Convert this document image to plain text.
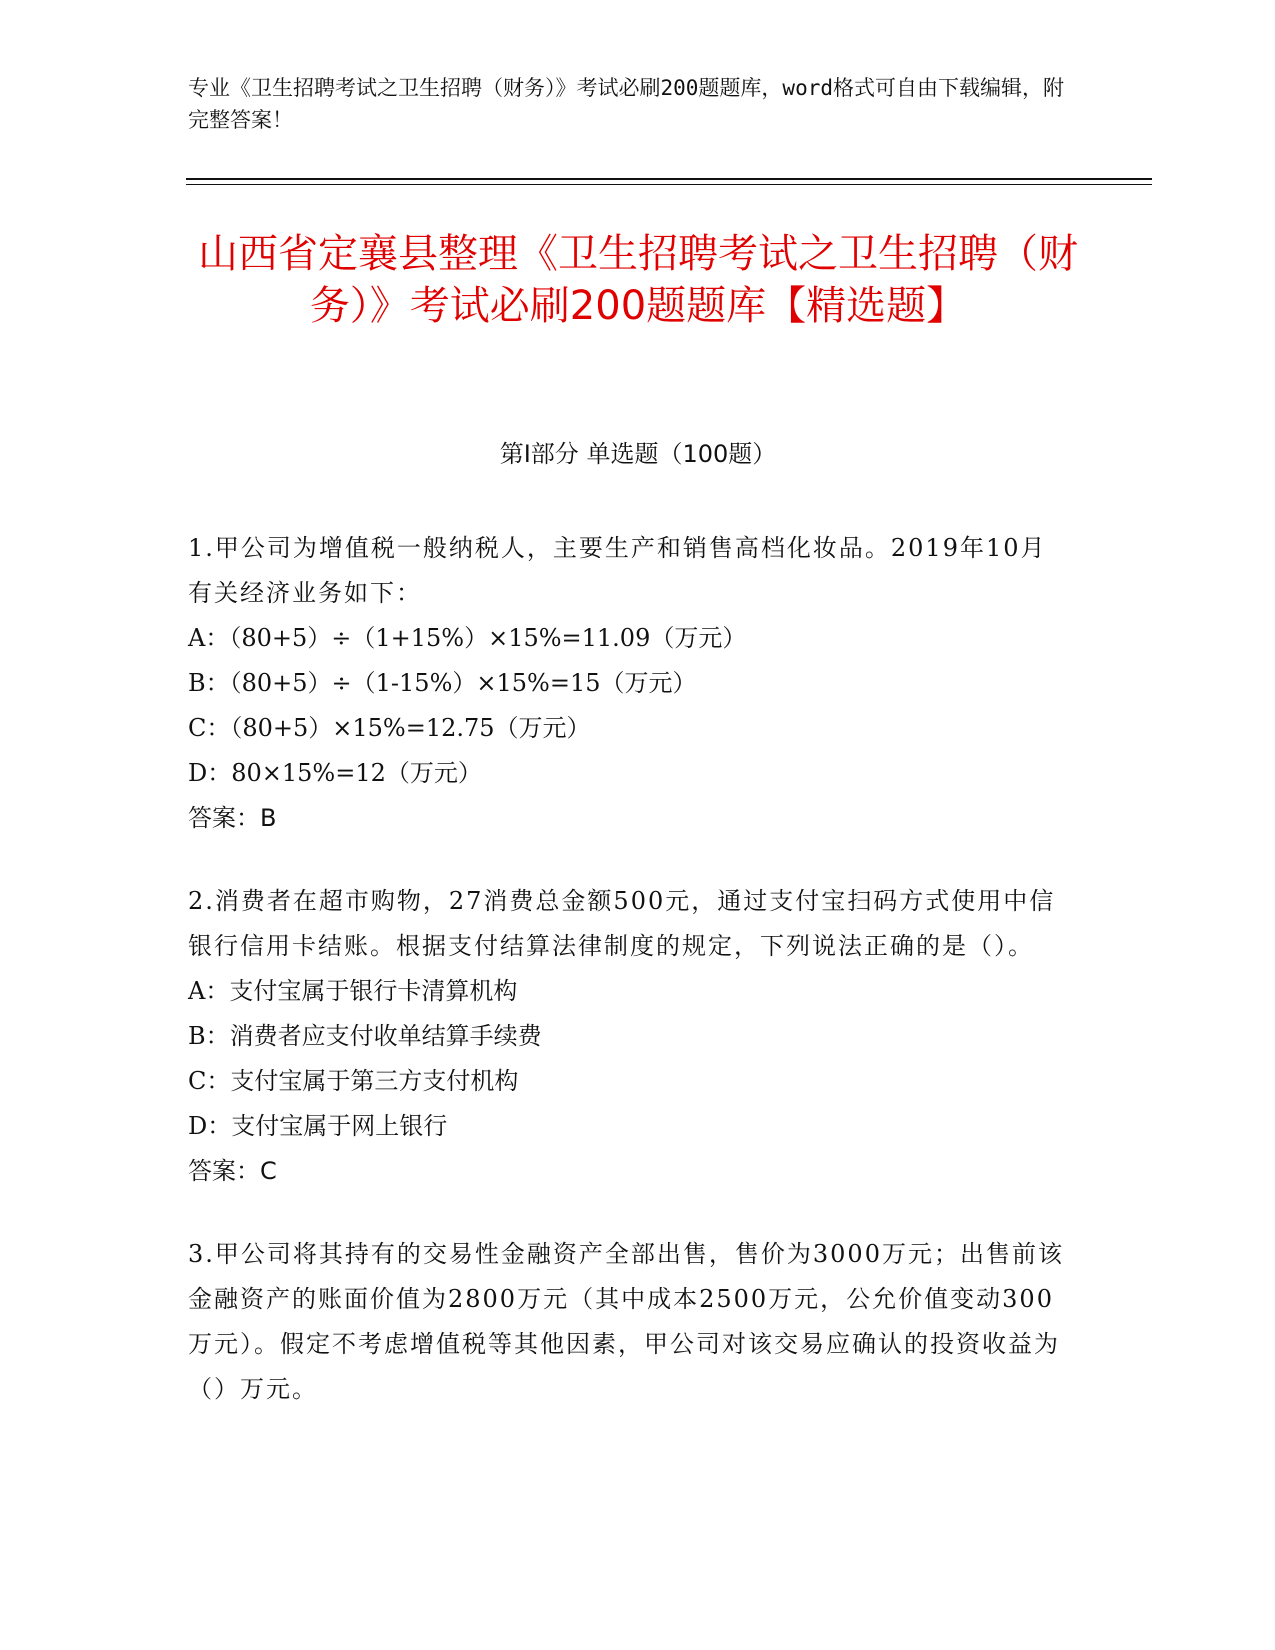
专业《卫生招聘考试之卫生招聘（财务）》考试必刷200题题库，word格式可自由下载编辑，附完整答案！
山西省定襄县整理《卫生招聘考试之卫生招聘（财务）》考试必刷200题题库【精选题】
第Ⅰ部分 单选题（100题）
1.甲公司为增值税一般纳税人，主要生产和销售高档化妆品。2019年10月有关经济业务如下：
A：（80+5）÷（1+15%）×15%=11.09（万元）
B：（80+5）÷（1-15%）×15%=15（万元）
C：（80+5）×15%=12.75（万元）
D：80×15%=12（万元）
答案：B
2.消费者在超市购物，27消费总金额500元，通过支付宝扫码方式使用中信银行信用卡结账。根据支付结算法律制度的规定，下列说法正确的是（）。
A：支付宝属于银行卡清算机构
B：消费者应支付收单结算手续费
C：支付宝属于第三方支付机构
D：支付宝属于网上银行
答案：C
3.甲公司将其持有的交易性金融资产全部出售，售价为3000万元；出售前该金融资产的账面价值为2800万元（其中成本2500万元，公允价值变动300万元）。假定不考虑增值税等其他因素，甲公司对该交易应确认的投资收益为（）万元。
